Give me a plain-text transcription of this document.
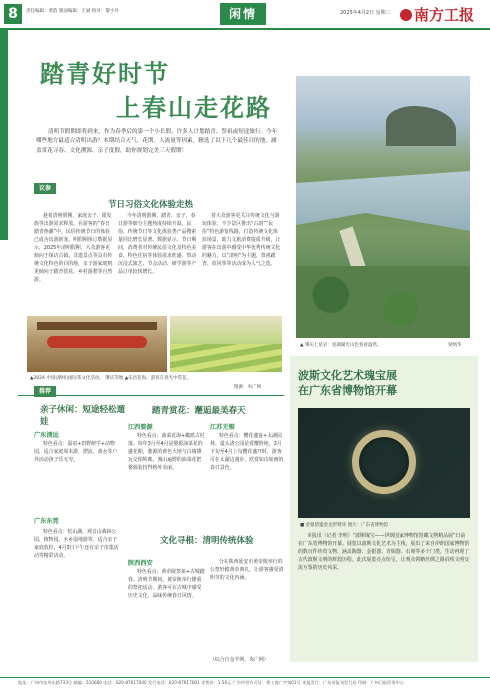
8	责任编辑：黄韵 版面编辑：王斌 校对：黎小丹	闲情	2025年4月2日 星期三	南方工报
踏青好时节
上春山走花路
清明节假期即将到来，作为春季后的第一个小长假，许多人计划踏青、祭祖或短途旅行。今年哪些地方最适合清明出游？本期结合天气、花期、人流量等因素，精选了以下几个最佳目的地，涵盖赏花寻春、文化溯源、亲子度假，助你规划完美三天假期！
议参
节日习俗文化体验走热
趁着清明假期，家庭亲子、银发族等出游需求释放。在游客的“春日踏青热潮”中，民俗传统节日的体验已成为出游新宠。明假期预订数据显示，2025年清明假期，大众游客更倾向于探访古镇、非遗景点等具有传统文化特色的目的地，亲子游家庭则更倾向于踏青赏花、乡村游憩等自然游。
今年清明假期，踏青、亲子、春日游等细分主题热度持续升温，民俗、传统节日等文化体验类产品搜索量同比增长显著。数据显示，节日期间，消费者对传统民俗文化及特色美食、特色住宿等体验需求旺盛，带动沉浸式演艺、节会活动、研学游等产品订单较快增长。
着大众游客更关注传统文化与游玩体验，不少景区推出“古韵”“民俗”特色游览线路，打造传统文化体验场景，助力文旅消费提质升级，让游客在出游中感受中华优秀传统文化的魅力。以“清明”为主题，祭祖踏青、放风筝等活动成为人气之选。
▲ 肇庆七星岩：星湖湖光山色春意盎然。	梁炳华
▲2024 中国(潮州)国际茶文化活动。 肇庆等地 ▲乐昌花海，游客在春光中赏花。
图源：央广网
推荐
亲子休闲：短途轻松遛娃
广东清远
特色看点：温泉+田野研学+动物园，适合家庭周末游，漂流、戏水等户外活动孩子乐无穷。
广东东莞
特色看点：松山湖、观音山森林公园、植物园、水乡湿地游等，适合亲子家庭放松，4月3日下午还有亲子市集活动等精彩活动。
踏青赏花：邂逅最美春天
江西婺源
特色看点：油菜花海+徽派古村落。每年3月至4月是婺源油菜花的盛花期，婺源的黄色大地与白墙黛瓦交相辉映，漫山遍野的油菜花把婺源装扮得格外美丽。
江苏无锡
特色看点：樱花盛宴+太湖园林。鼋头渚公园是赏樱胜地，3月下旬至4月上旬樱花盛开时，游客可在太湖边漫步，欣赏如诗如画的春日景色。
文化寻根：清明传统体验
陕西西安
特色看点：黄帝陵祭祖+古城踏春。清明节期间，黄帝陵举行隆重的祭祀活动，游客可在古城中感受历史文化，品味传统春日风情。
分在陕西延安市黄帝陵举行的公祭轩辕黄帝典礼，让游客感受清明节的文化内涵。
（综合自金羊网、央广网）
波斯文化艺术瑰宝展
在广东省博物馆开幕
■ 金银错鎏金龙形臂环 图片：广东省博物馆
本报讯（记者 李明）“波斯瑰宝——伊朗国家博物馆馆藏文物精品展”日前在广东省博物馆开幕。展览以波斯文化艺术为主线，展出了来自伊朗国家博物馆的数百件珍贵文物，涵盖陶器、金银器、青铜器、石刻等多个门类，生动再现了古代波斯文明的辉煌历程。此次展览亮点纷呈，让观众领略丝绸之路沿线文明交流互鉴的历史风采。
地址：广州市东风东路733号 邮编：510600 电话：020-87617000 发行电话：020-87617001 零售价：1.50元 广告经营许可证：粤工商广字第01号 本报发行：广东省报刊发行局 印刷：广州日报印务中心
